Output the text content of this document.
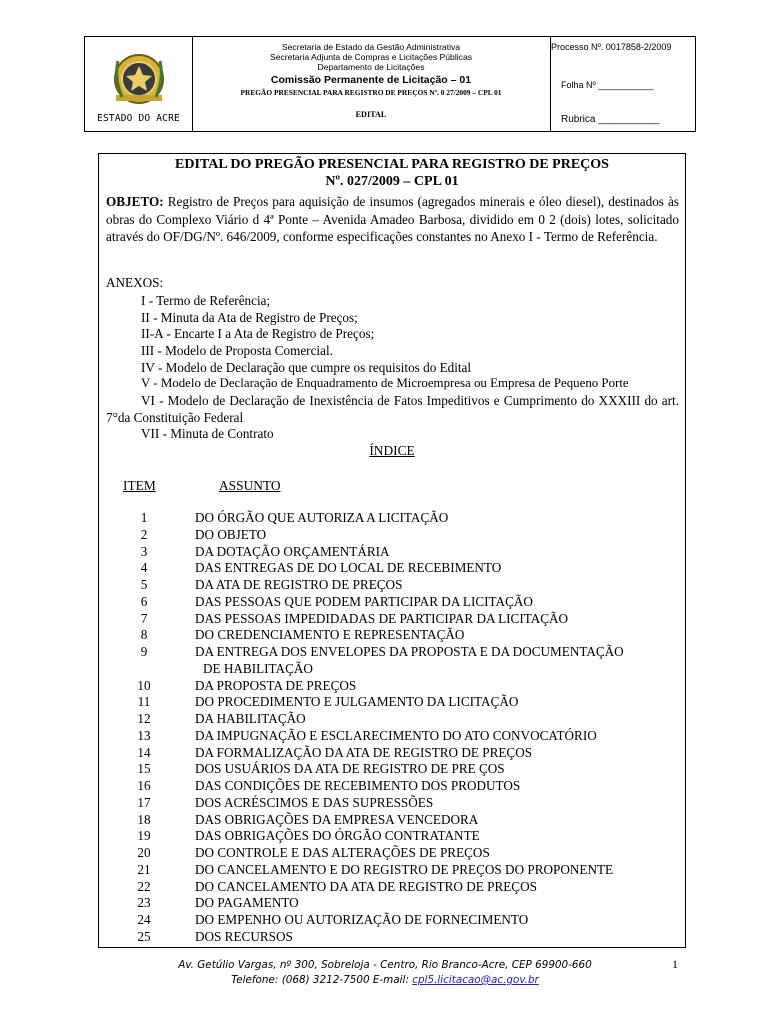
ESTADO DO ACRE
Secretaria de Estado da Gestão Administrativa
Secretaria Adjunta de Compras e Licitações Públicas
Departamento de Licitações
Comissão Permanente de Licitação – 01
PREGÃO PRESENCIAL PARA REGISTRO DE PREÇOS Nº. 0 27/2009 – CPL 01
EDITAL
Processo Nº. 0017858-2/2009
Folha Nº ___________
Rubrica ___________
EDITAL DO PREGÃO PRESENCIAL PARA REGISTRO DE PREÇOS
Nº. 027/2009 – CPL 01
OBJETO: Registro de Preços para aquisição de insumos (agregados minerais e óleo diesel), destinados às obras do Complexo Viário d 4ª Ponte – Avenida Amadeo Barbosa, dividido em 0 2 (dois) lotes, solicitado através do OF/DG/Nº. 646/2009, conforme especificações constantes no Anexo I - Termo de Referência.
ANEXOS:
I - Termo de Referência;
II - Minuta da Ata de Registro de Preços;
II-A - Encarte I a Ata de Registro de Preços;
III - Modelo de Proposta Comercial.
IV - Modelo de Declaração que cumpre os requisitos do Edital
V - Modelo de Declaração de Enquadramento de Microempresa ou Empresa de Pequeno Porte
VI - Modelo de Declaração de Inexistência de Fatos Impeditivos e Cumprimento do XXXIII do art. 7°da Constituição Federal
VII - Minuta de Contrato
ÍNDICE
ITEM	ASSUNTO
1	DO ÓRGÃO QUE AUTORIZA A LICITAÇÃO
2	DO OBJETO
3	DA DOTAÇÃO ORÇAMENTÁRIA
4	DAS ENTREGAS DE DO LOCAL DE RECEBIMENTO
5	DA ATA DE REGISTRO DE PREÇOS
6	DAS PESSOAS QUE PODEM PARTICIPAR DA LICITAÇÃO
7	DAS PESSOAS IMPEDIDADAS DE PARTICIPAR DA LICITAÇÃO
8	DO CREDENCIAMENTO E REPRESENTAÇÃO
9	DA ENTREGA DOS ENVELOPES DA PROPOSTA E DA DOCUMENTAÇÃO
DE HABILITAÇÃO
10	DA PROPOSTA DE PREÇOS
11	DO PROCEDIMENTO E JULGAMENTO DA LICITAÇÃO
12	DA HABILITAÇÃO
13	DA IMPUGNAÇÃO E ESCLARECIMENTO DO ATO CONVOCATÓRIO
14	DA FORMALIZAÇÃO DA ATA DE REGISTRO DE PREÇOS
15	DOS USUÁRIOS DA ATA DE REGISTRO DE PRE ÇOS
16	DAS CONDIÇÕES DE RECEBIMENTO DOS PRODUTOS
17	DOS ACRÉSCIMOS E DAS SUPRESSÕES
18	DAS OBRIGAÇÕES DA EMPRESA VENCEDORA
19	DAS OBRIGAÇÕES DO ÓRGÃO CONTRATANTE
20	DO CONTROLE E DAS ALTERAÇÕES DE PREÇOS
21	DO CANCELAMENTO E DO REGISTRO DE PREÇOS DO PROPONENTE
22	DO CANCELAMENTO DA ATA DE REGISTRO DE PREÇOS
23	DO PAGAMENTO
24	DO EMPENHO OU AUTORIZAÇÃO DE FORNECIMENTO
25	DOS RECURSOS
Av. Getúlio Vargas, nº 300, Sobreloja - Centro, Rio Branco-Acre, CEP 69900-660
Telefone: (068) 3212-7500 E-mail: cpl5.licitacao@ac.gov.br
1
